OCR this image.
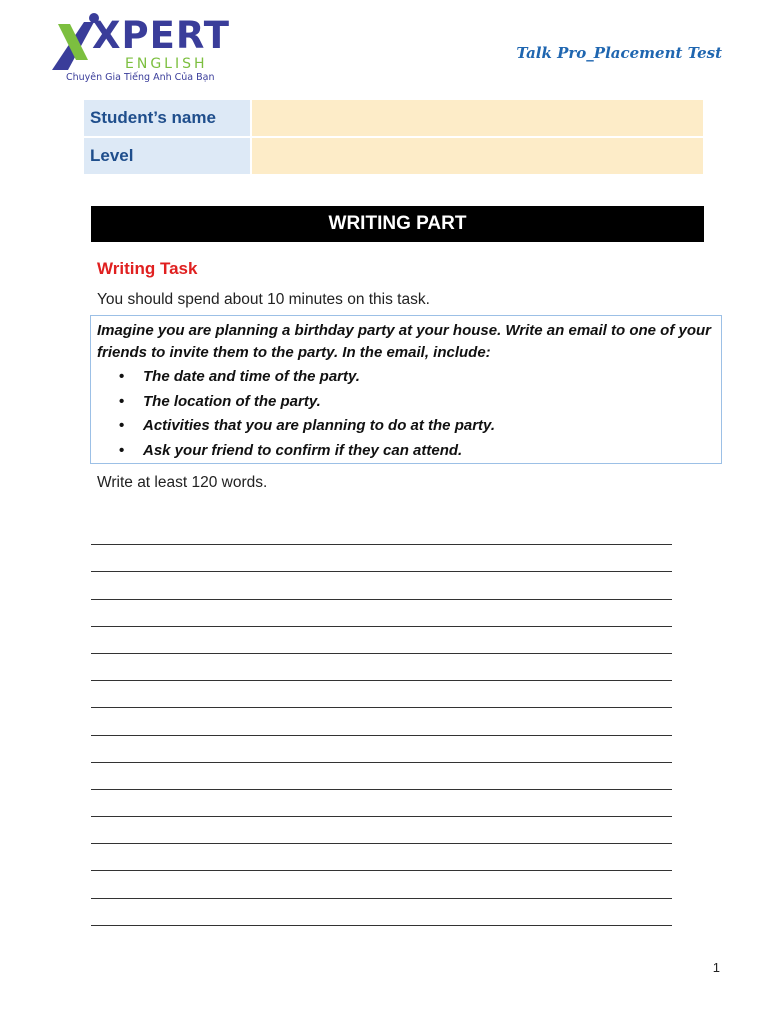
XPERT
ENGLISH
Chuyên Gia Tiếng Anh Của Bạn
Talk Pro_Placement Test
Student’s name
Level
WRITING PART
Writing Task
You should spend about 10 minutes on this task.
Imagine you are planning a birthday party at your house. Write an email to one of your friends to invite them to the party. In the email, include:
• The date and time of the party.
• The location of the party.
• Activities that you are planning to do at the party.
• Ask your friend to confirm if they can attend.
Write at least 120 words.
1
